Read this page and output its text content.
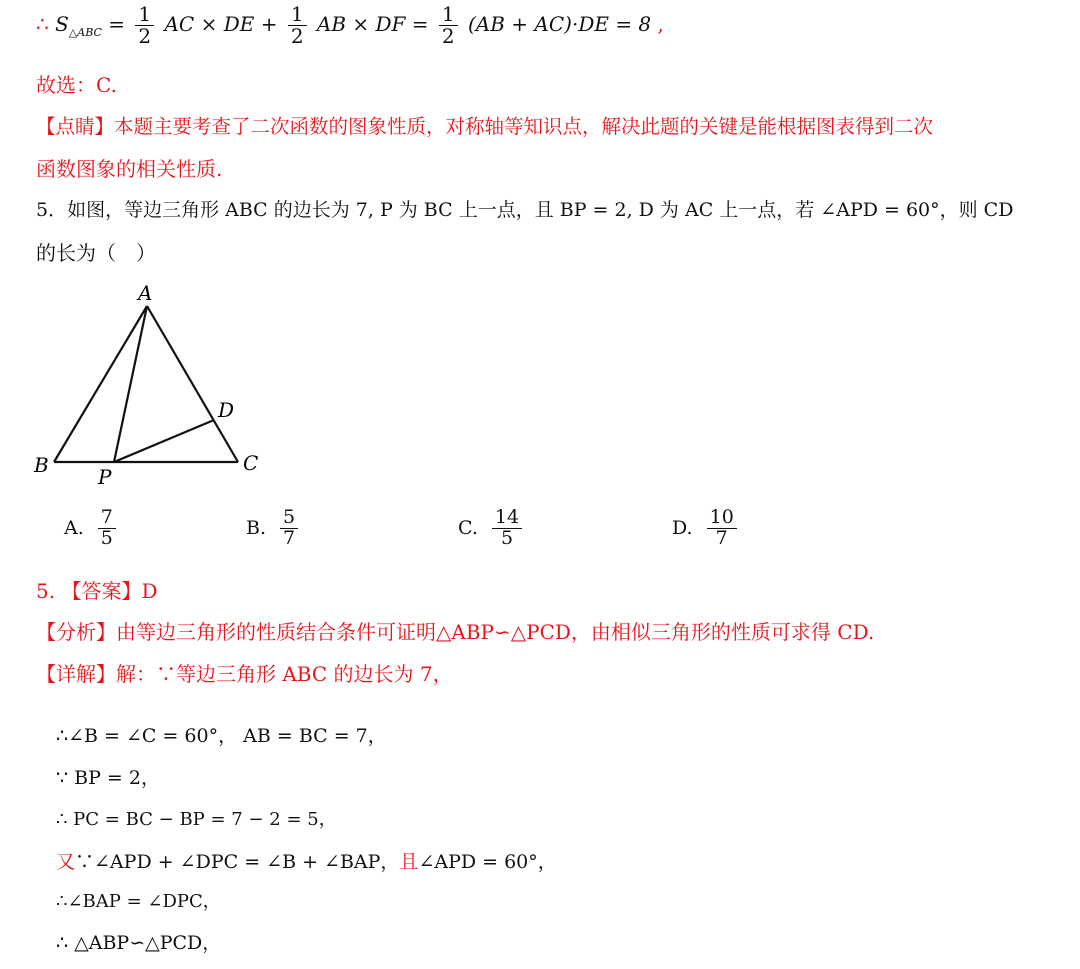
∴ $S_{\triangle ABC} = \frac{1}{2}$ AC × DE + $\frac{1}{2}$ AB × DF = $\frac{1}{2} (AB + AC)\cdot DE = 8$ ,
故选：C.
【点睛】本题主要考查了二次函数的图象性质，对称轴等知识点，解决此题的关键是能根据图表得到二次
函数图象的相关性质.
5．如图，等边三角形 ABC 的边长为 7, P 为 BC 上一点，且 BP = 2, D 为 AC 上一点，若 ∠APD = 60°，则 CD
的长为（　）
A
B	C
D
P
A. $\frac{7}{5}$	B. $\frac{5}{7}$	C. $\frac{14}{5}$	D. $\frac{10}{7}$
5. 【答案】D
【分析】由等边三角形的性质结合条件可证明△ABP∽△PCD，由相似三角形的性质可求得 CD.
【详解】解：∵等边三角形 ABC 的边长为 7，
∴∠B = ∠C = 60°， AB = BC = 7，
∵ BP = 2，
∴ PC = BC − BP = 7 − 2 = 5，
又∵∠APD + ∠DPC = ∠B + ∠BAP，且∠APD = 60°，
∴∠BAP = ∠DPC，
∴ △ABP∽△PCD，
